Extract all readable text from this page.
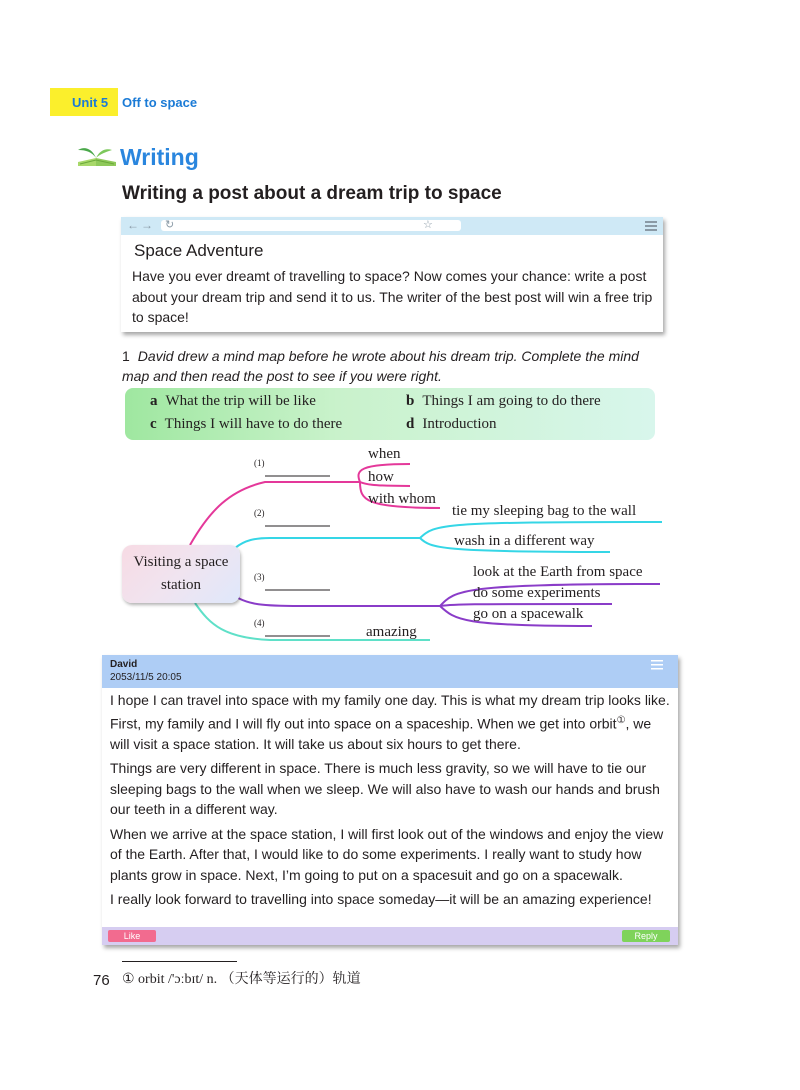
Unit 5 Off to space
Writing
Writing a post about a dream trip to space
← → ↻	☆
Space Adventure
Have you ever dreamt of travelling to space? Now comes your chance: write a post about your dream trip and send it to us. The writer of the best post will win a free trip to space!
1 David drew a mind map before he wrote about his dream trip. Complete the mind map and then read the post to see if you were right.
a What the trip will be like	b Things I am going to do there
c Things I will have to do there	d Introduction
Visiting a space
station
(1)
(2)
(3)
(4)
when
how
with whom
tie my sleeping bag to the wall
wash in a different way
look at the Earth from space
do some experiments
go on a spacewalk
amazing
David
2053/11/5 20:05

I hope I can travel into space with my family one day. This is what my dream trip looks like. First, my family and I will fly out into space on a spaceship. When we get into orbit①, we will visit a space station. It will take us about six hours to get there.

Things are very different in space. There is much less gravity, so we will have to tie our sleeping bags to the wall when we sleep. We will also have to wash our hands and brush our teeth in a different way.

When we arrive at the space station, I will first look out of the windows and enjoy the view of the Earth. After that, I would like to do some experiments. I really want to study how plants grow in space. Next, I’m going to put on a spacesuit and go on a spacewalk.

I really look forward to travelling into space someday—it will be an amazing experience!

Like	Reply
76 ① orbit /'ɔːbɪt/ n. （天体等运行的）轨道
